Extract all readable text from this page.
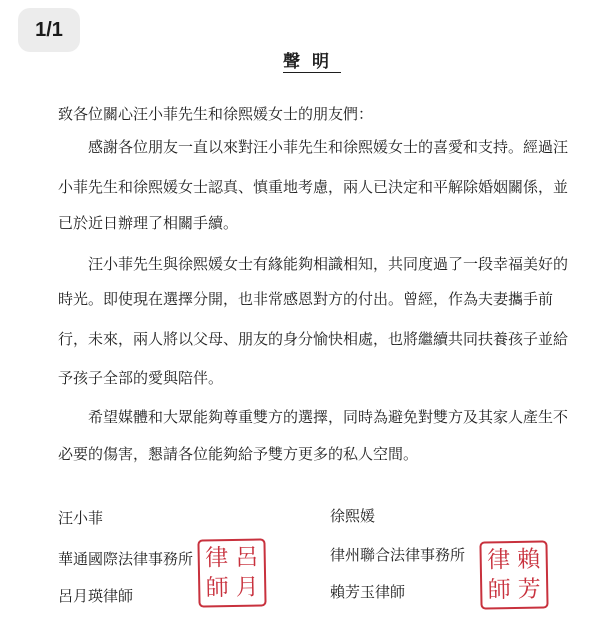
1/1
聲明
致各位關心汪小菲先生和徐熙媛女士的朋友們：
感謝各位朋友一直以來對汪小菲先生和徐熙媛女士的喜愛和支持。經過汪
小菲先生和徐熙媛女士認真、慎重地考慮，兩人已決定和平解除婚姻關係，並
已於近日辦理了相關手續。
汪小菲先生與徐熙媛女士有緣能夠相識相知，共同度過了一段幸福美好的
時光。即使現在選擇分開，也非常感恩對方的付出。曾經，作為夫妻攜手前
行，未來，兩人將以父母、朋友的身分愉快相處，也將繼續共同扶養孩子並給
予孩子全部的愛與陪伴。
希望媒體和大眾能夠尊重雙方的選擇，同時為避免對雙方及其家人產生不
必要的傷害，懇請各位能夠給予雙方更多的私人空間。
汪小菲
華通國際法律事務所
呂月瑛律師
律
師
呂
月
徐熙媛
律州聯合法律事務所
賴芳玉律師
律
師
賴
芳
